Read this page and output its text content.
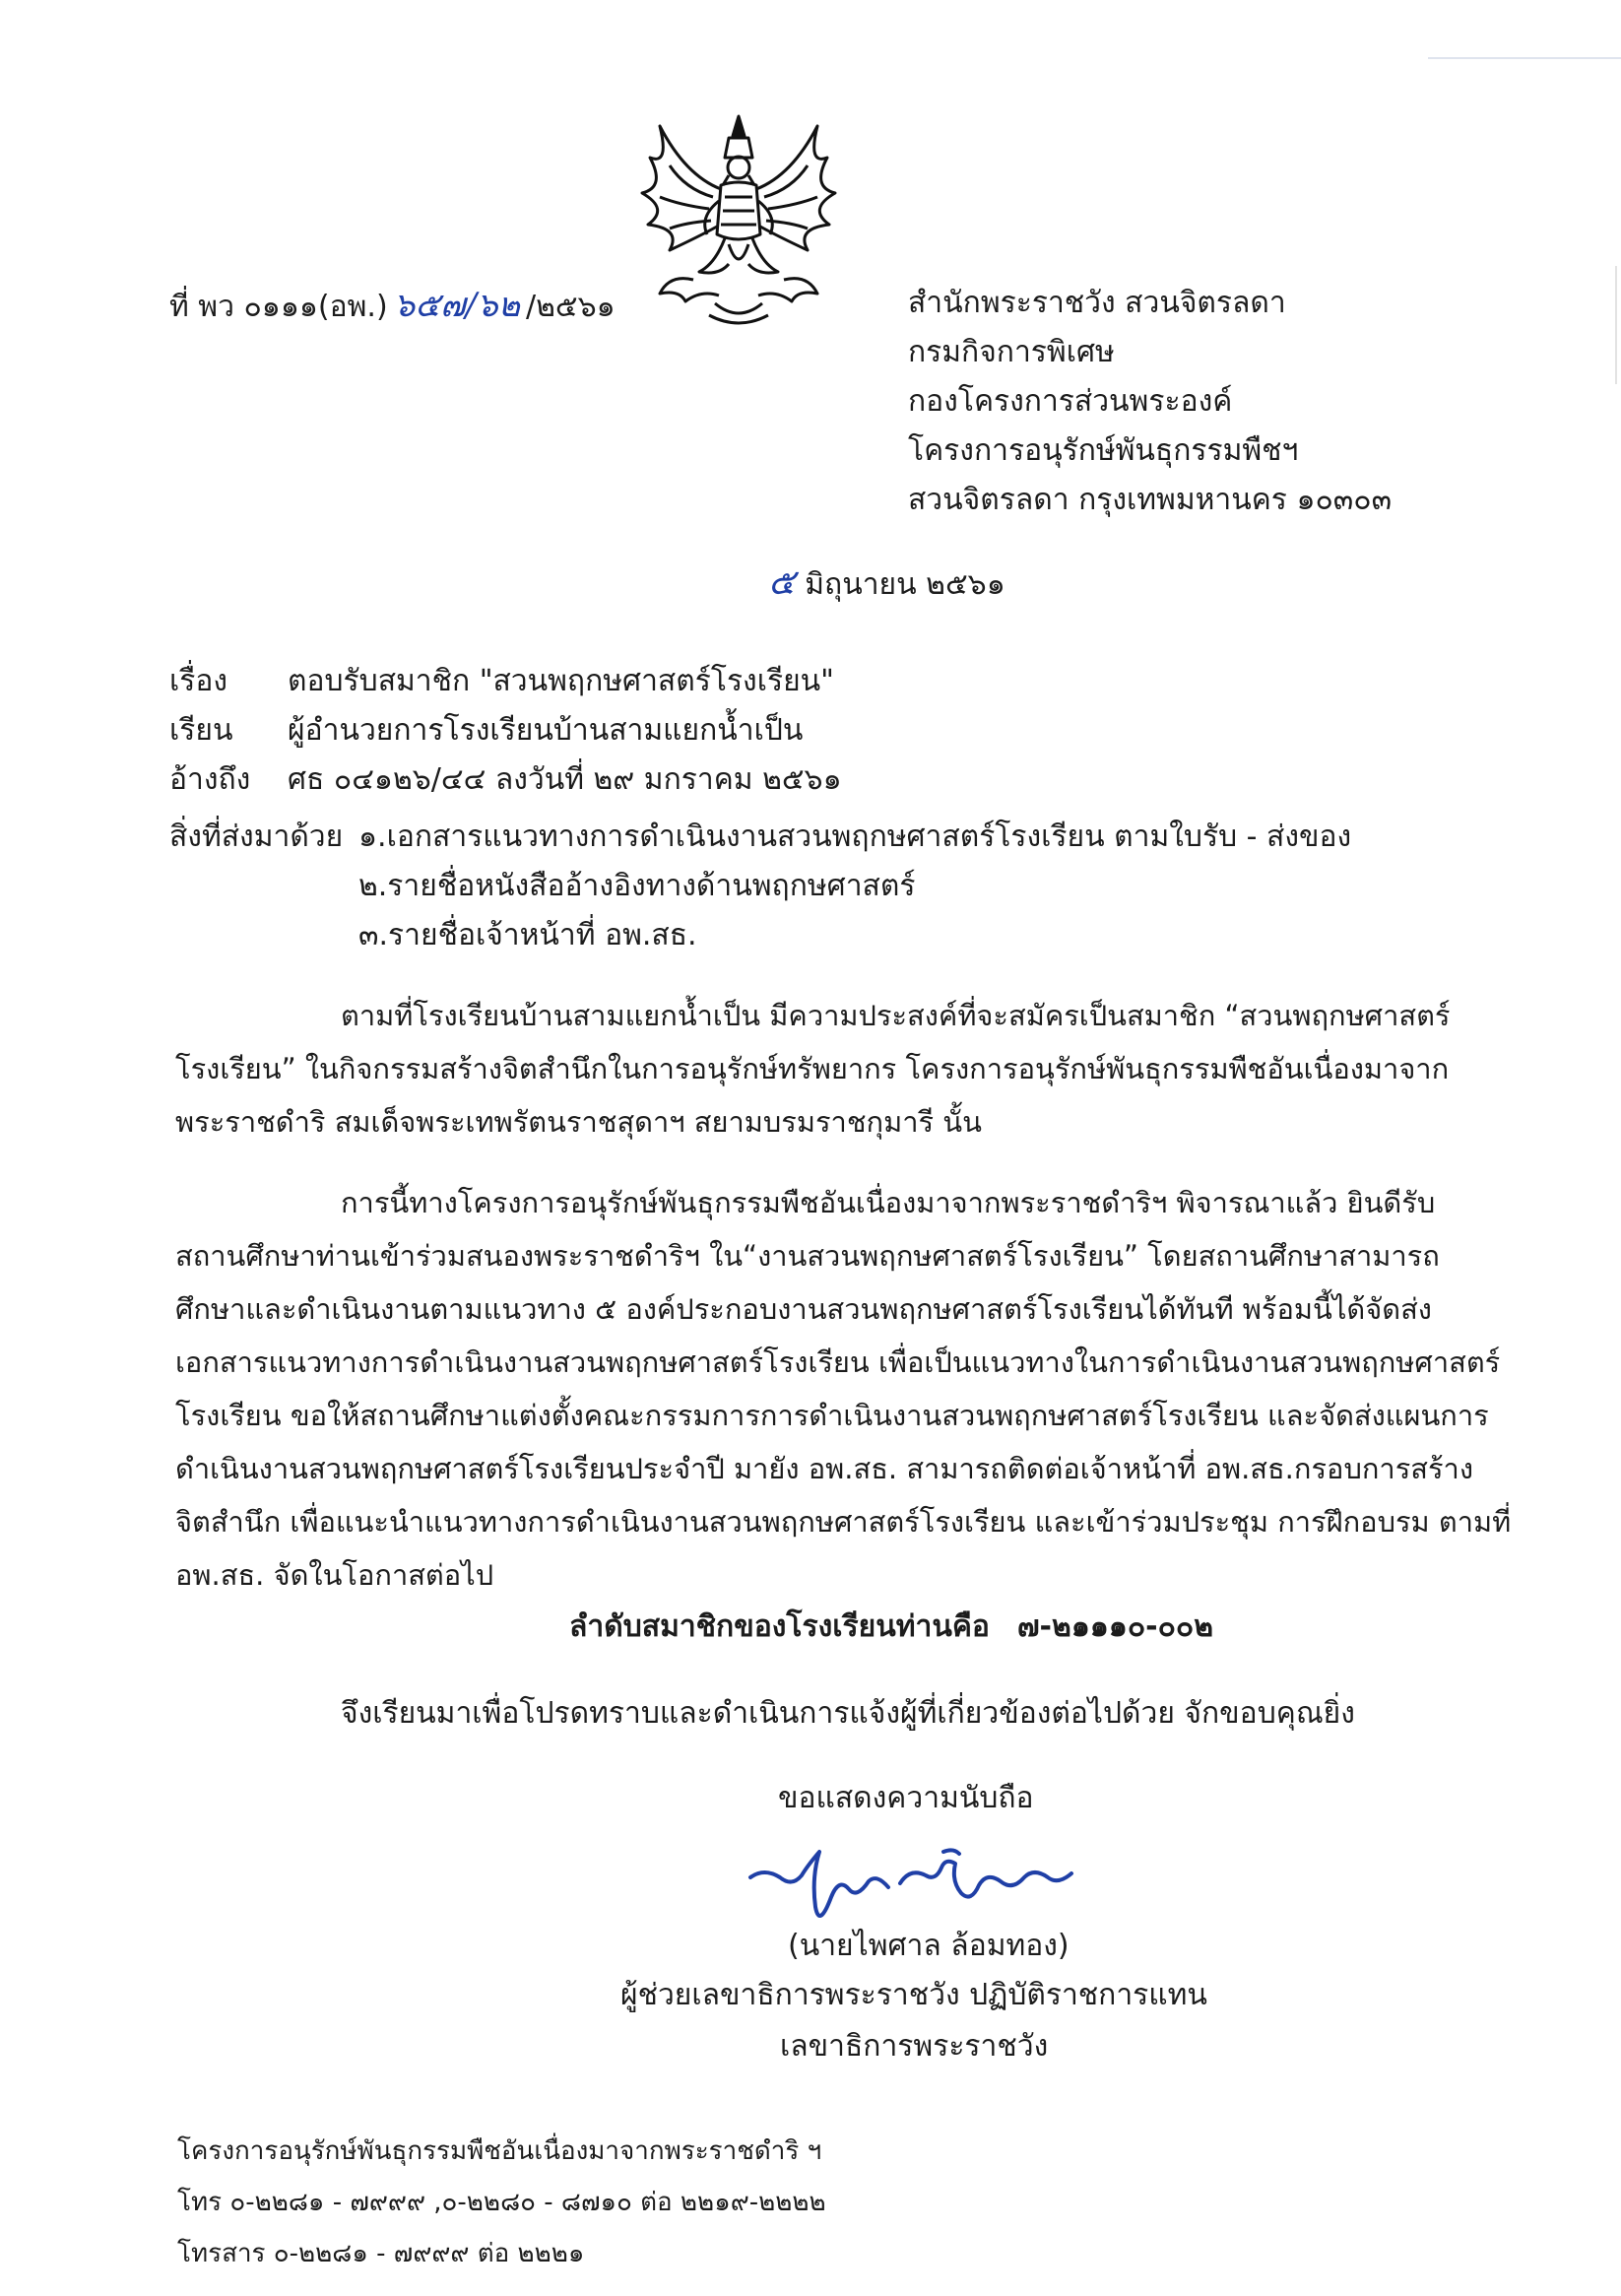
ที่ พว ๐๑๑๑(อพ.) ๖๕๗/๖๒ /๒๕๖๑	สำนักพระราชวัง สวนจิตรลดา
กรมกิจการพิเศษ
กองโครงการส่วนพระองค์
โครงการอนุรักษ์พันธุกรรมพืชฯ
สวนจิตรลดา กรุงเทพมหานคร ๑๐๓๐๓
๕ มิถุนายน ๒๕๖๑
เรื่อง ตอบรับสมาชิก "สวนพฤกษศาสตร์โรงเรียน"
เรียน ผู้อำนวยการโรงเรียนบ้านสามแยกน้ำเป็น
อ้างถึง ศธ ๐๔๑๒๖/๔๔ ลงวันที่ ๒๙ มกราคม ๒๕๖๑
สิ่งที่ส่งมาด้วย ๑.เอกสารแนวทางการดำเนินงานสวนพฤกษศาสตร์โรงเรียน ตามใบรับ - ส่งของ
๒.รายชื่อหนังสืออ้างอิงทางด้านพฤกษศาสตร์
๓.รายชื่อเจ้าหน้าที่ อพ.สธ.
ตามที่โรงเรียนบ้านสามแยกน้ำเป็น มีความประสงค์ที่จะสมัครเป็นสมาชิก “สวนพฤกษศาสตร์
โรงเรียน” ในกิจกรรมสร้างจิตสำนึกในการอนุรักษ์ทรัพยากร โครงการอนุรักษ์พันธุกรรมพืชอันเนื่องมาจาก
พระราชดำริ สมเด็จพระเทพรัตนราชสุดาฯ สยามบรมราชกุมารี นั้น
การนี้ทางโครงการอนุรักษ์พันธุกรรมพืชอันเนื่องมาจากพระราชดำริฯ พิจารณาแล้ว ยินดีรับ
สถานศึกษาท่านเข้าร่วมสนองพระราชดำริฯ ใน“งานสวนพฤกษศาสตร์โรงเรียน” โดยสถานศึกษาสามารถ
ศึกษาและดำเนินงานตามแนวทาง ๕ องค์ประกอบงานสวนพฤกษศาสตร์โรงเรียนได้ทันที พร้อมนี้ได้จัดส่ง
เอกสารแนวทางการดำเนินงานสวนพฤกษศาสตร์โรงเรียน เพื่อเป็นแนวทางในการดำเนินงานสวนพฤกษศาสตร์
โรงเรียน ขอให้สถานศึกษาแต่งตั้งคณะกรรมการการดำเนินงานสวนพฤกษศาสตร์โรงเรียน และจัดส่งแผนการ
ดำเนินงานสวนพฤกษศาสตร์โรงเรียนประจำปี มายัง อพ.สธ. สามารถติดต่อเจ้าหน้าที่ อพ.สธ.กรอบการสร้าง
จิตสำนึก เพื่อแนะนำแนวทางการดำเนินงานสวนพฤกษศาสตร์โรงเรียน และเข้าร่วมประชุม การฝึกอบรม ตามที่
อพ.สธ. จัดในโอกาสต่อไป
ลำดับสมาชิกของโรงเรียนท่านคือ ๗-๒๑๑๑๐-๐๐๒
จึงเรียนมาเพื่อโปรดทราบและดำเนินการแจ้งผู้ที่เกี่ยวข้องต่อไปด้วย จักขอบคุณยิ่ง
ขอแสดงความนับถือ
(นายไพศาล ล้อมทอง)
ผู้ช่วยเลขาธิการพระราชวัง ปฏิบัติราชการแทน
เลขาธิการพระราชวัง
โครงการอนุรักษ์พันธุกรรมพืชอันเนื่องมาจากพระราชดำริ ฯ
โทร ๐-๒๒๘๑ - ๗๙๙๙ ,๐-๒๒๘๐ - ๘๗๑๐ ต่อ ๒๒๑๙-๒๒๒๒
โทรสาร ๐-๒๒๘๑ - ๗๙๙๙ ต่อ ๒๒๒๑
